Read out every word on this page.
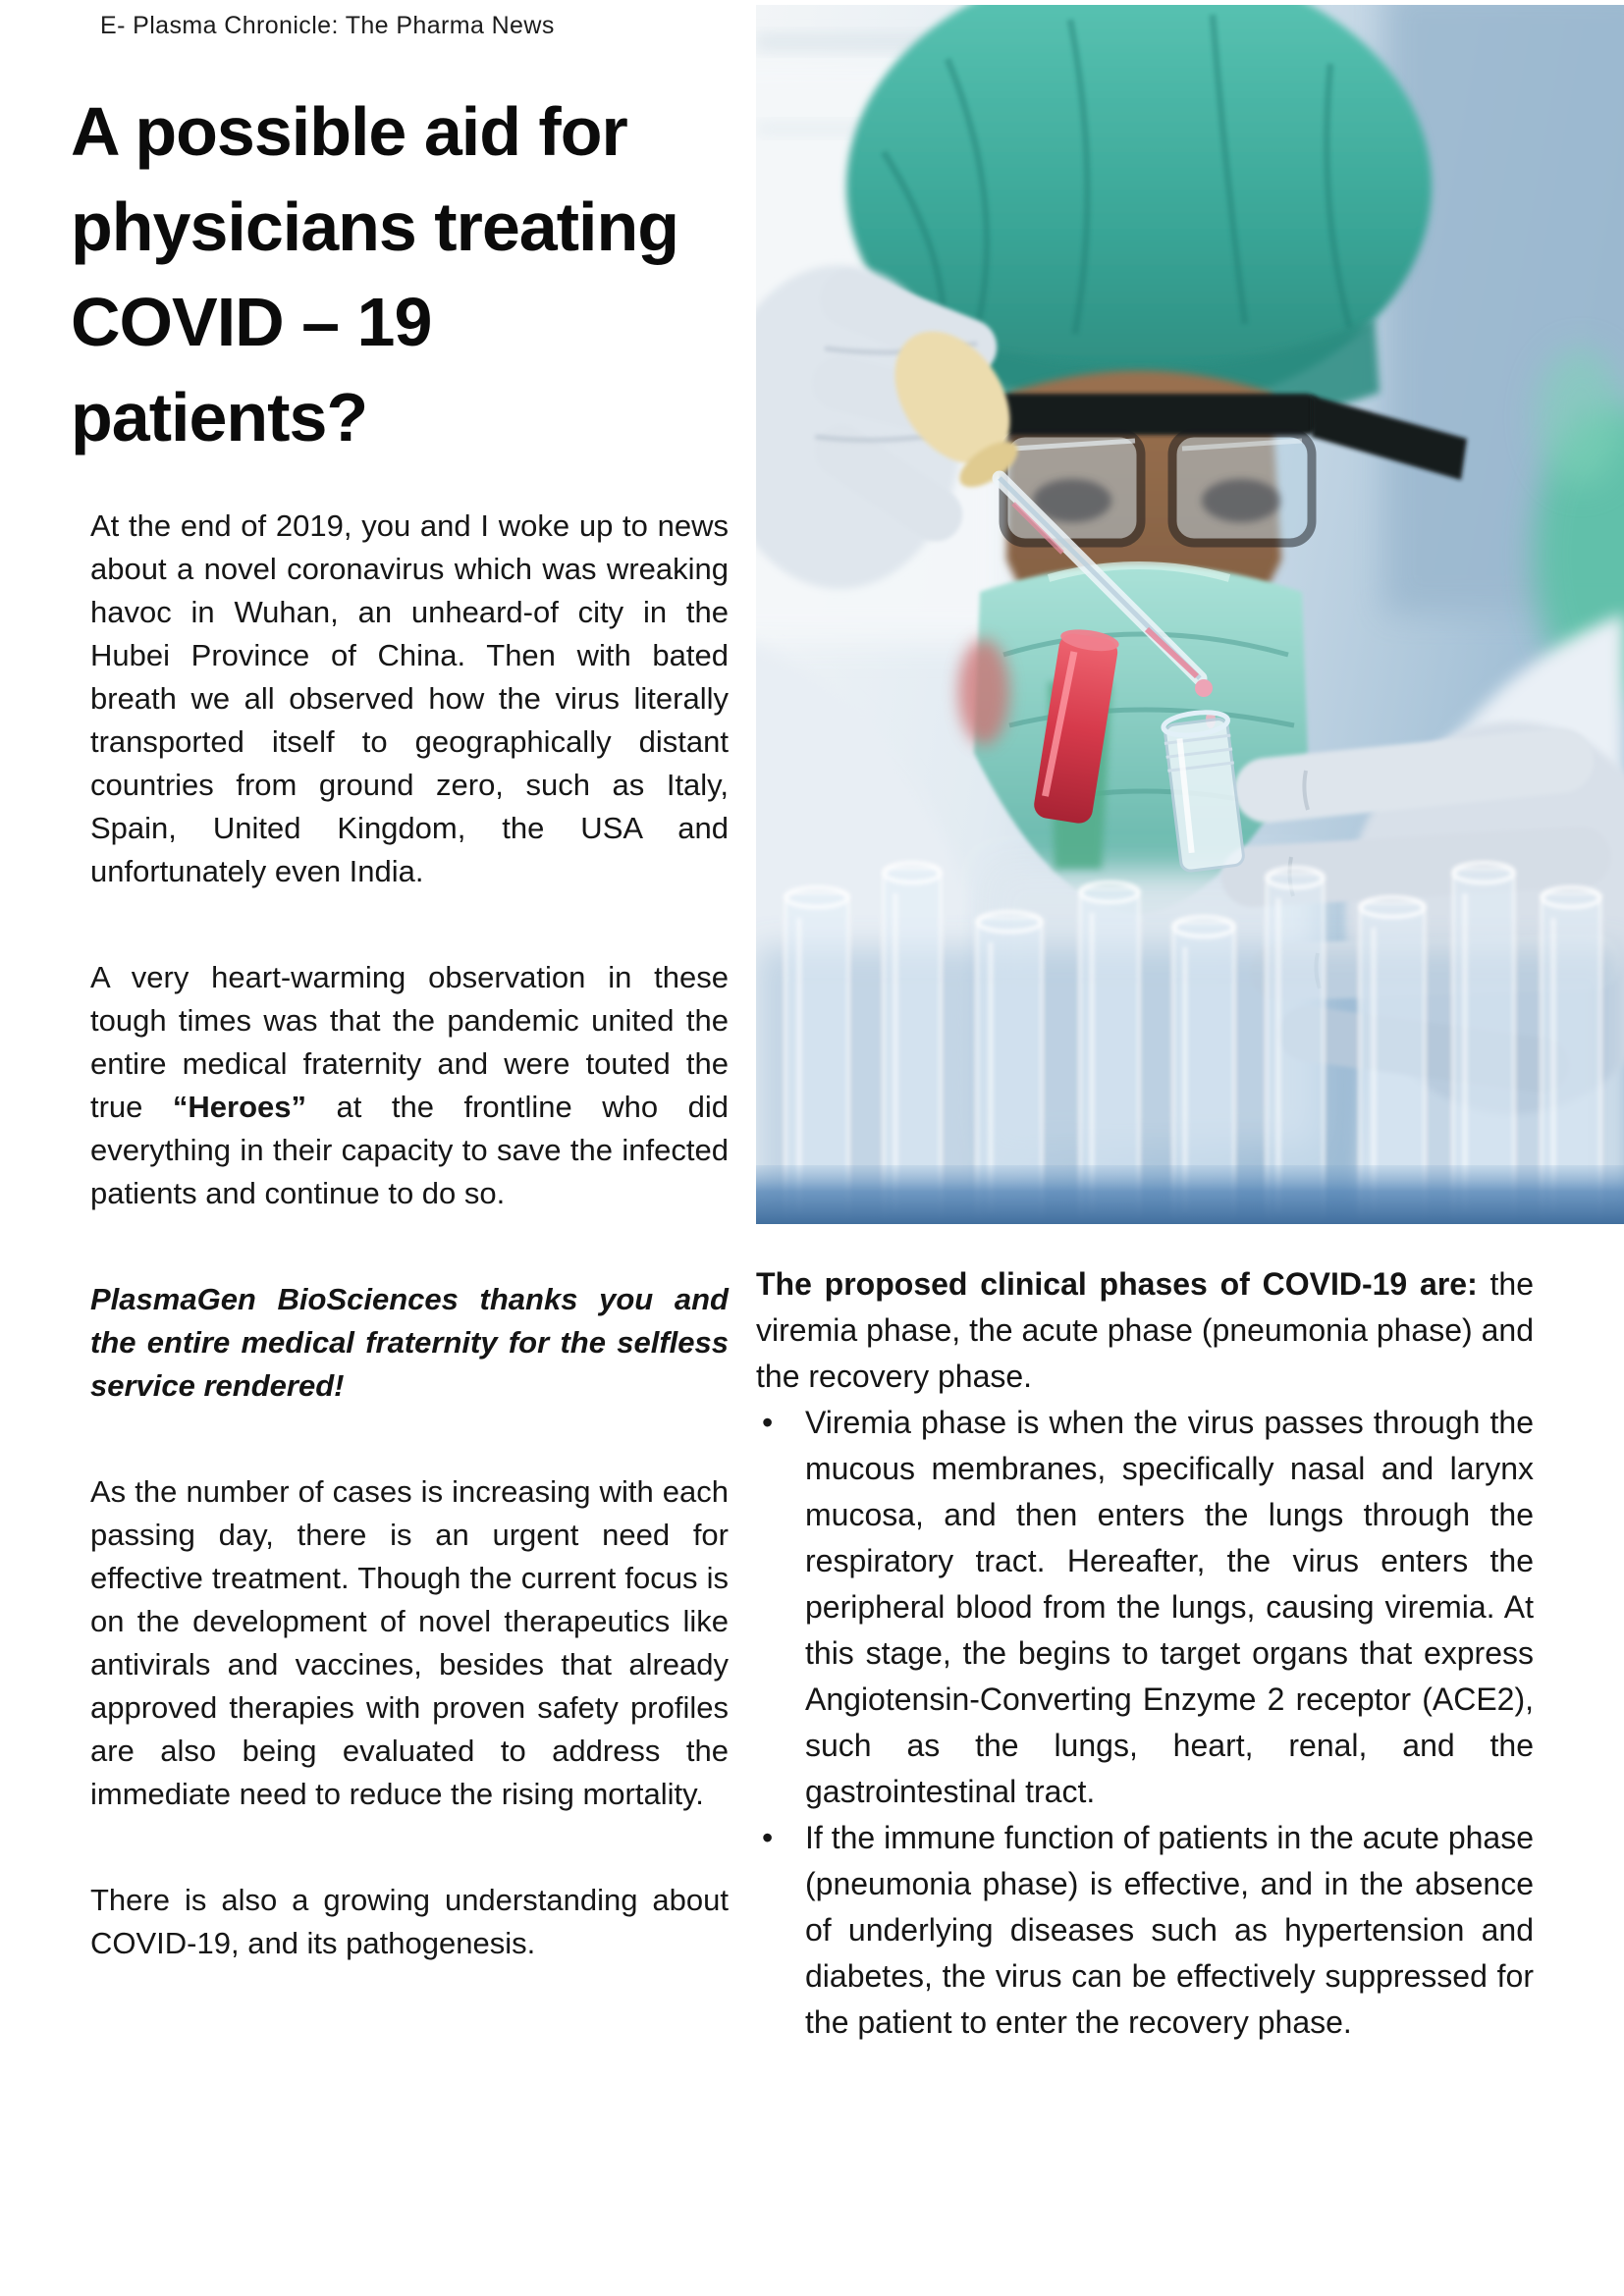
E- Plasma Chronicle: The Pharma News
A possible aid for physicians treating COVID – 19 patients?

At the end of 2019, you and I woke up to news about a novel coronavirus which was wreaking havoc in Wuhan, an unheard-of city in the Hubei Province of China. Then with bated breath we all observed how the virus literally transported itself to geographically distant countries from ground zero, such as Italy, Spain, United Kingdom, the USA and unfortunately even India.

A very heart-warming observation in these tough times was that the pandemic united the entire medical fraternity and were touted the true “Heroes” at the frontline who did everything in their capacity to save the infected patients and continue to do so.

PlasmaGen BioSciences thanks you and the entire medical fraternity for the selfless service rendered!

As the number of cases is increasing with each passing day, there is an urgent need for effective treatment. Though the current focus is on the development of novel therapeutics like antivirals and vaccines, besides that already approved therapies with proven safety profiles are also being evaluated to address the immediate need to reduce the rising mortality.

There is also a growing understanding about COVID-19, and its pathogenesis.

The proposed clinical phases of COVID-19 are: the viremia phase, the acute phase (pneumonia phase) and the recovery phase.

• Viremia phase is when the virus passes through the mucous membranes, specifically nasal and larynx mucosa, and then enters the lungs through the respiratory tract. Hereafter, the virus enters the peripheral blood from the lungs, causing viremia. At this stage, the begins to target organs that express Angiotensin-Converting Enzyme 2 receptor (ACE2), such as the lungs, heart, renal, and the gastrointestinal tract.
• If the immune function of patients in the acute phase (pneumonia phase) is effective, and in the absence of underlying diseases such as hypertension and diabetes, the virus can be effectively suppressed for the patient to enter the recovery phase.
